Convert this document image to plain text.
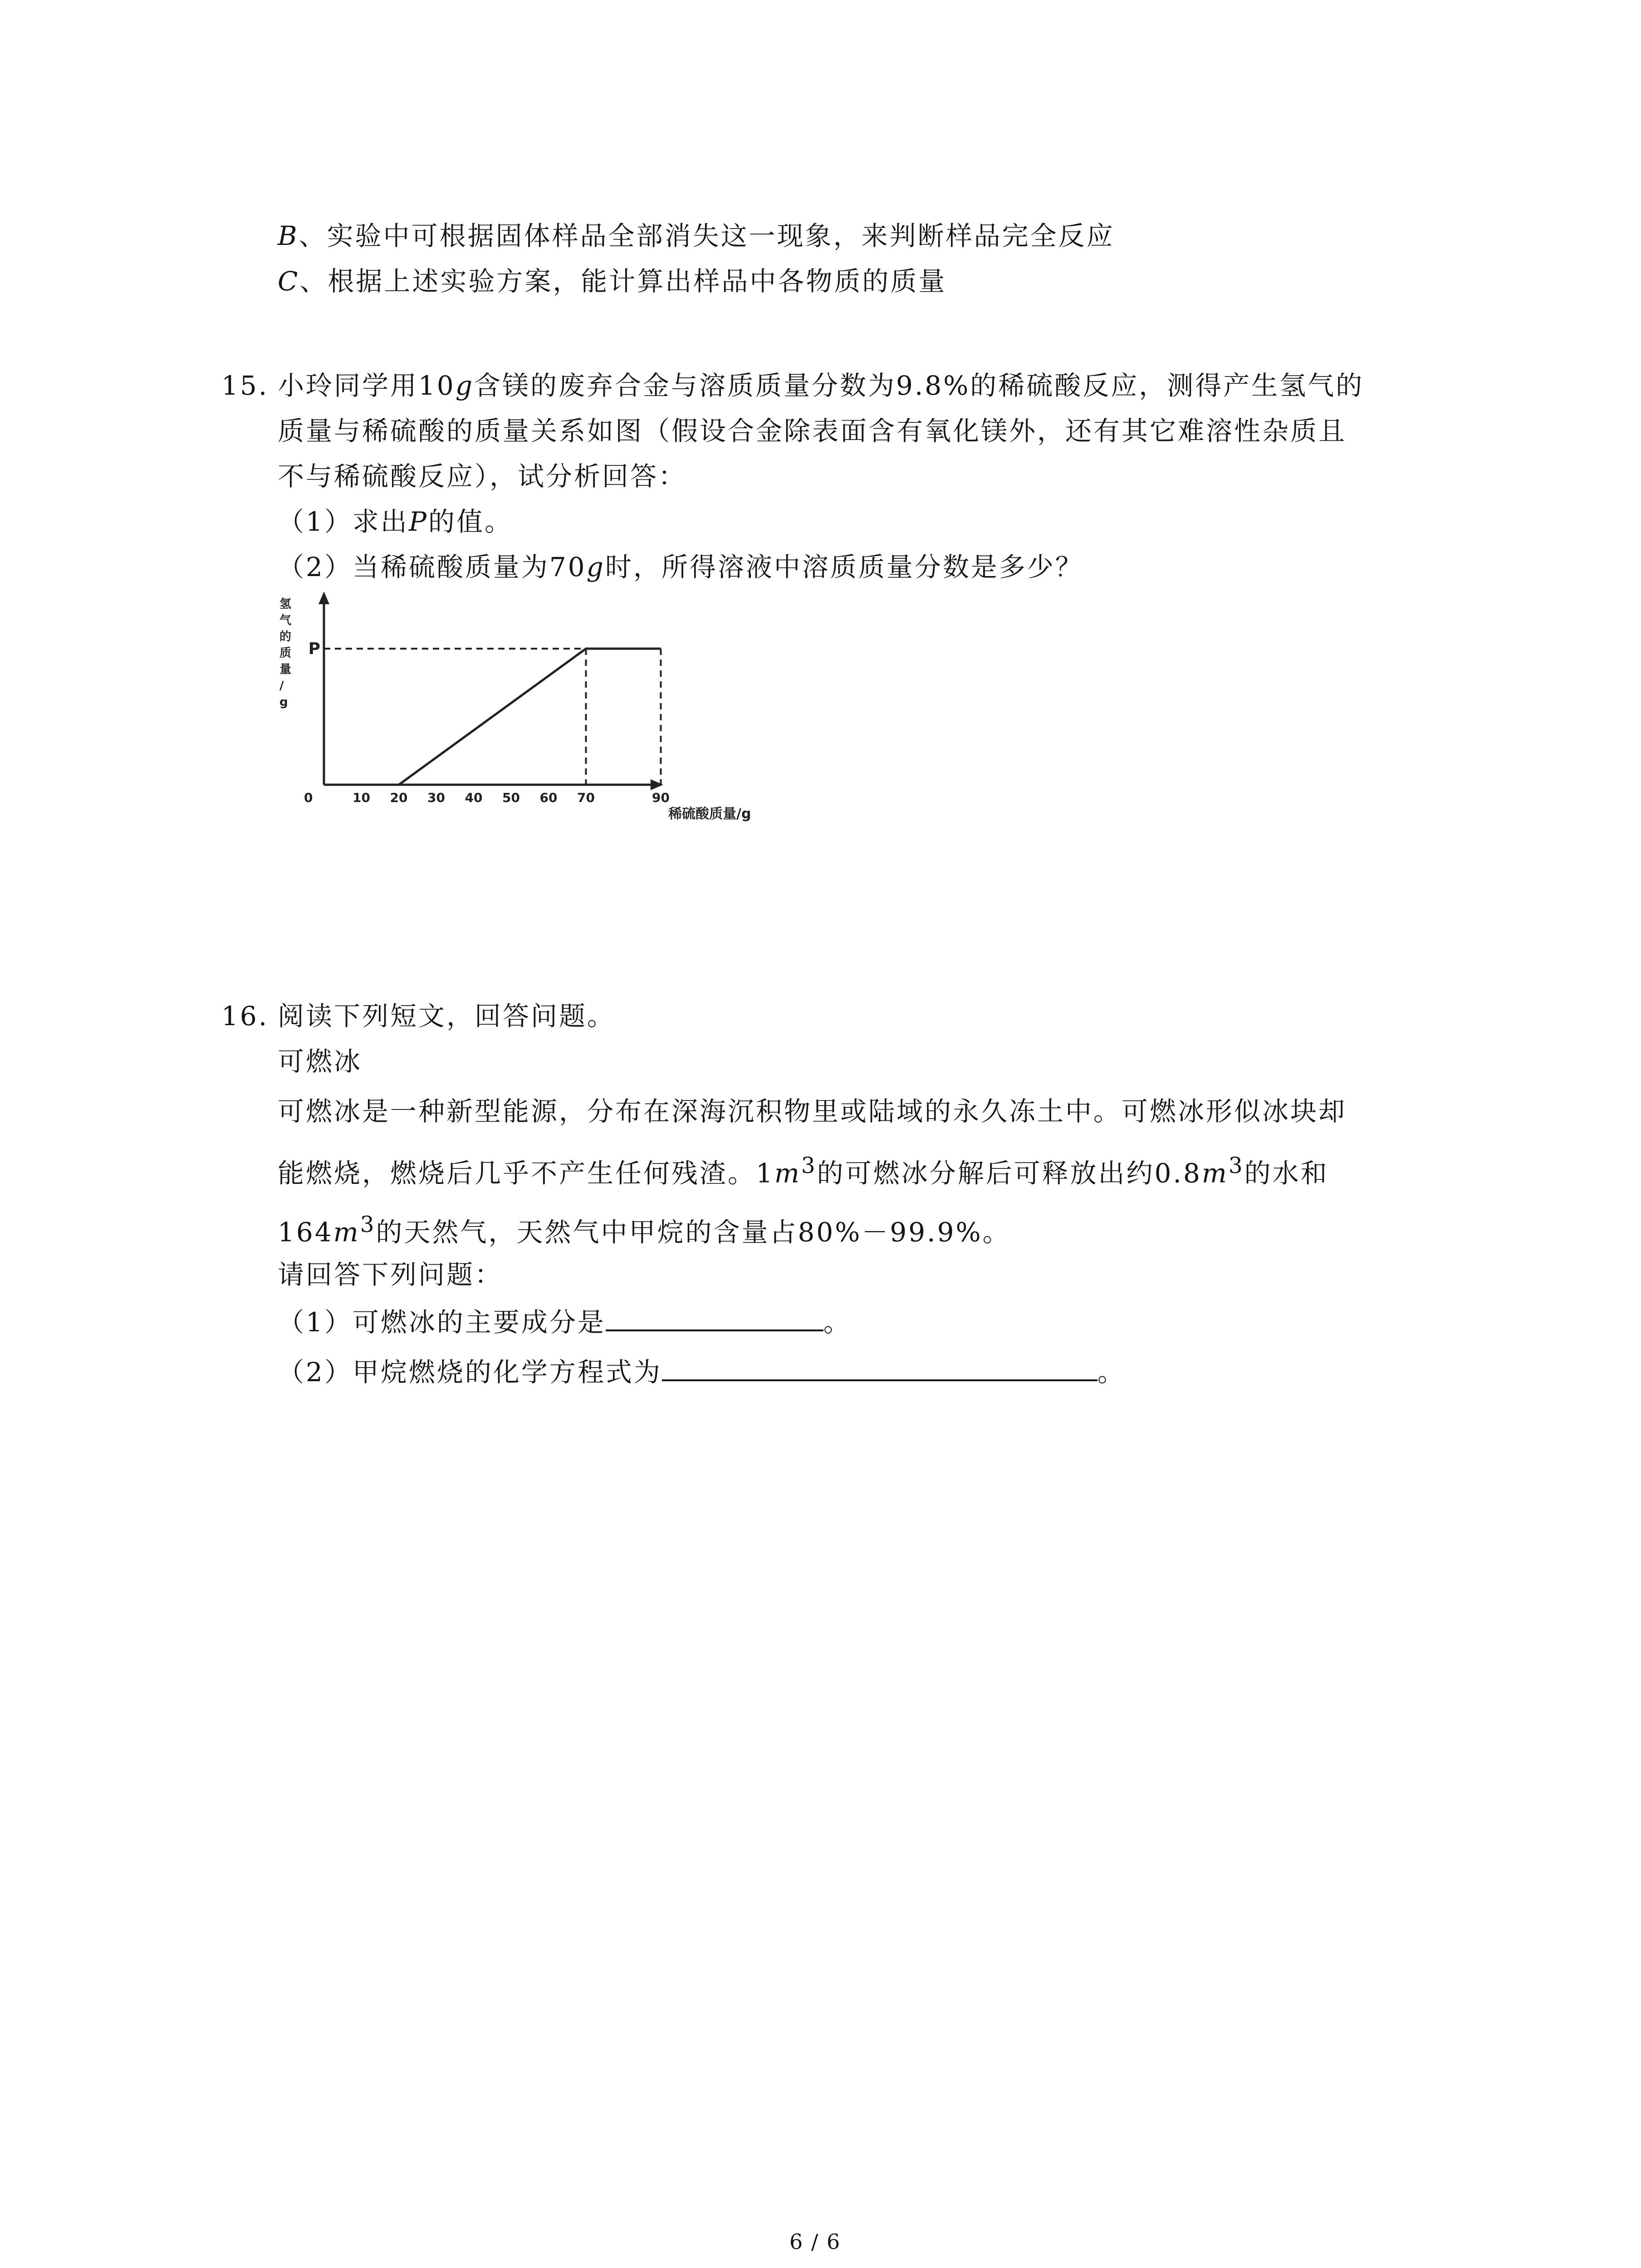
B、实验中可根据固体样品全部消失这一现象，来判断样品完全反应
C、根据上述实验方案，能计算出样品中各物质的质量
15. 小玲同学用10g含镁的废弃合金与溶质质量分数为9.8%的稀硫酸反应，测得产生氢气的
质量与稀硫酸的质量关系如图（假设合金除表面含有氧化镁外，还有其它难溶性杂质且
不与稀硫酸反应），试分析回答：
（1）求出P的值。
（2）当稀硫酸质量为70g时，所得溶液中溶质质量分数是多少？
氢气的质量/ g
P
0	10 20 30 40 50 60 70	90
稀硫酸质量/g
16. 阅读下列短文，回答问题。
可燃冰
可燃冰是一种新型能源，分布在深海沉积物里或陆域的永久冻土中。可燃冰形似冰块却
能燃烧，燃烧后几乎不产生任何残渣。$1m^3$的可燃冰分解后可释放出约$0.8m^3$的水和
$164m^3$的天然气，天然气中甲烷的含量占80%－99.9%。
请回答下列问题：
（1）可燃冰的主要成分是	。
（2）甲烷燃烧的化学方程式为	。
6 / 6
